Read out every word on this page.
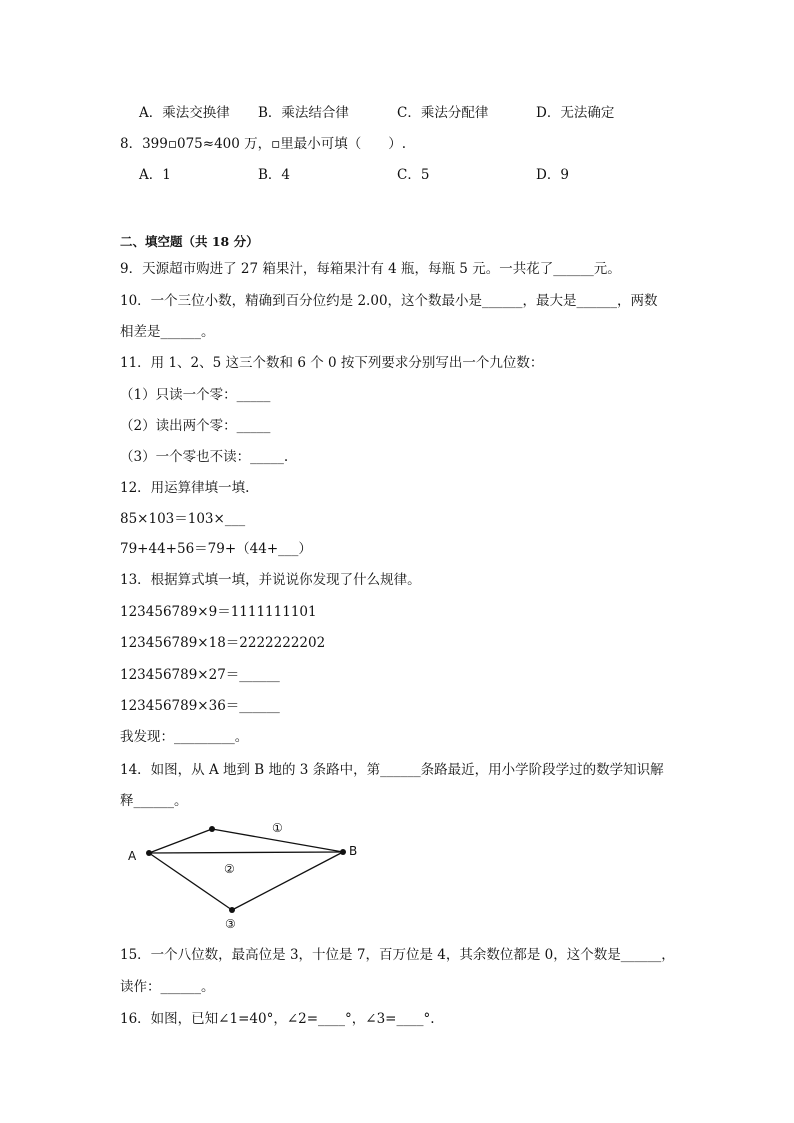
A．乘法交换律 B．乘法结合律	C．乘法分配律	D．无法确定
8．399▫075≈400 万，▫里最小可填（　　）.
A．1	B．4	C．5	D．9
二、填空题（共 18 分）
9．天源超市购进了 27 箱果汁，每箱果汁有 4 瓶，每瓶 5 元。一共花了______元。
10．一个三位小数，精确到百分位约是 2.00，这个数最小是______，最大是______，两数
相差是______。
11．用 1、2、5 这三个数和 6 个 0 按下列要求分别写出一个九位数：
（1）只读一个零：_____
（2）读出两个零：_____
（3）一个零也不读：_____.
12．用运算律填一填.
85×103＝103×___
79+44+56＝79+（44+___）
13．根据算式填一填，并说说你发现了什么规律。
123456789×9＝1111111101
123456789×18＝2222222202
123456789×27＝______
123456789×36＝______
我发现：_________。
14．如图，从 A 地到 B 地的 3 条路中，第______条路最近，用小学阶段学过的数学知识解
释______。
A	B
①
②
③
15．一个八位数，最高位是 3，十位是 7，百万位是 4，其余数位都是 0，这个数是______，
读作：______。
16．如图，已知∠1=40°，∠2=____°，∠3=____°.
